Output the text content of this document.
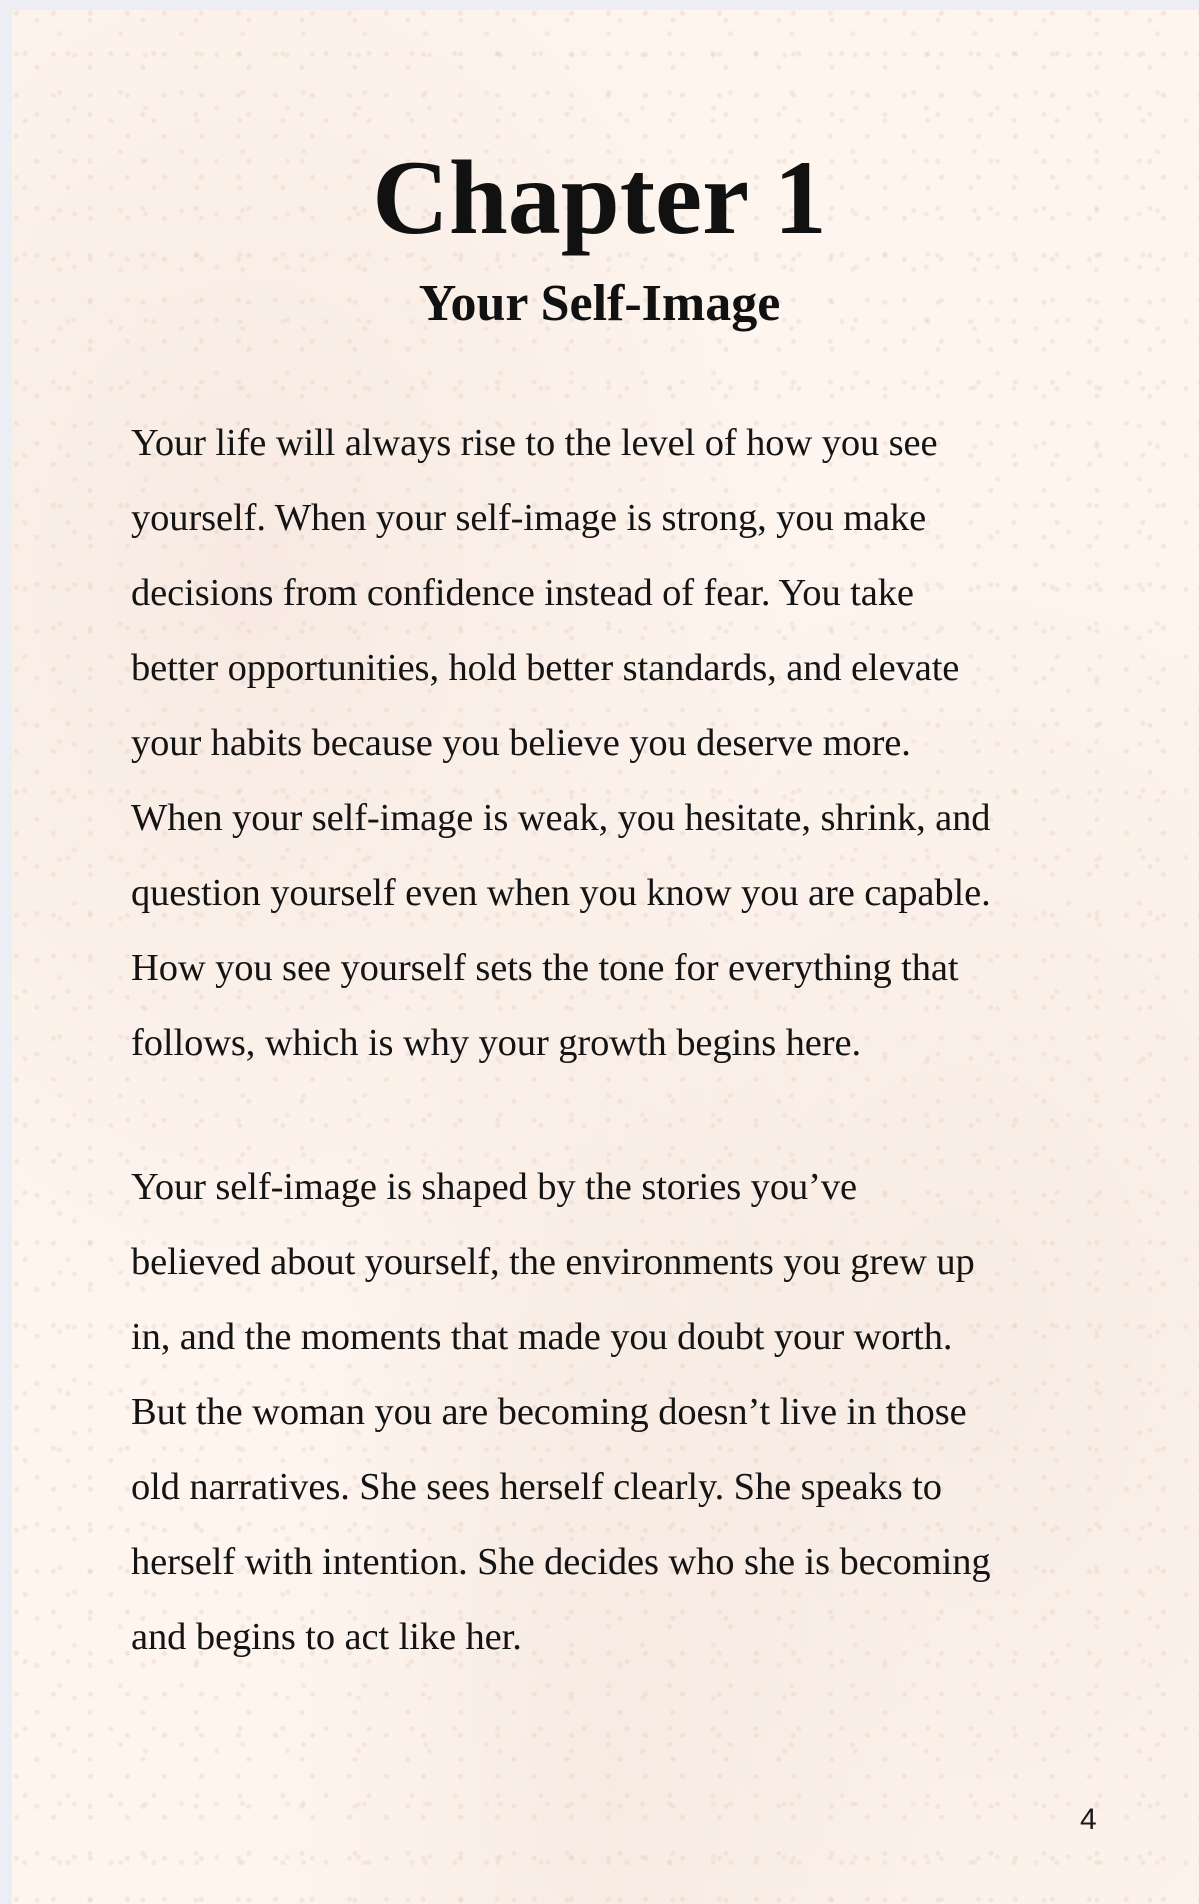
Chapter 1
Your Self-Image

Your life will always rise to the level of how you see
yourself. When your self-image is strong, you make
decisions from confidence instead of fear. You take
better opportunities, hold better standards, and elevate
your habits because you believe you deserve more.
When your self-image is weak, you hesitate, shrink, and
question yourself even when you know you are capable.
How you see yourself sets the tone for everything that
follows, which is why your growth begins here.

Your self-image is shaped by the stories you’ve
believed about yourself, the environments you grew up
in, and the moments that made you doubt your worth.
But the woman you are becoming doesn’t live in those
old narratives. She sees herself clearly. She speaks to
herself with intention. She decides who she is becoming
and begins to act like her.

4
